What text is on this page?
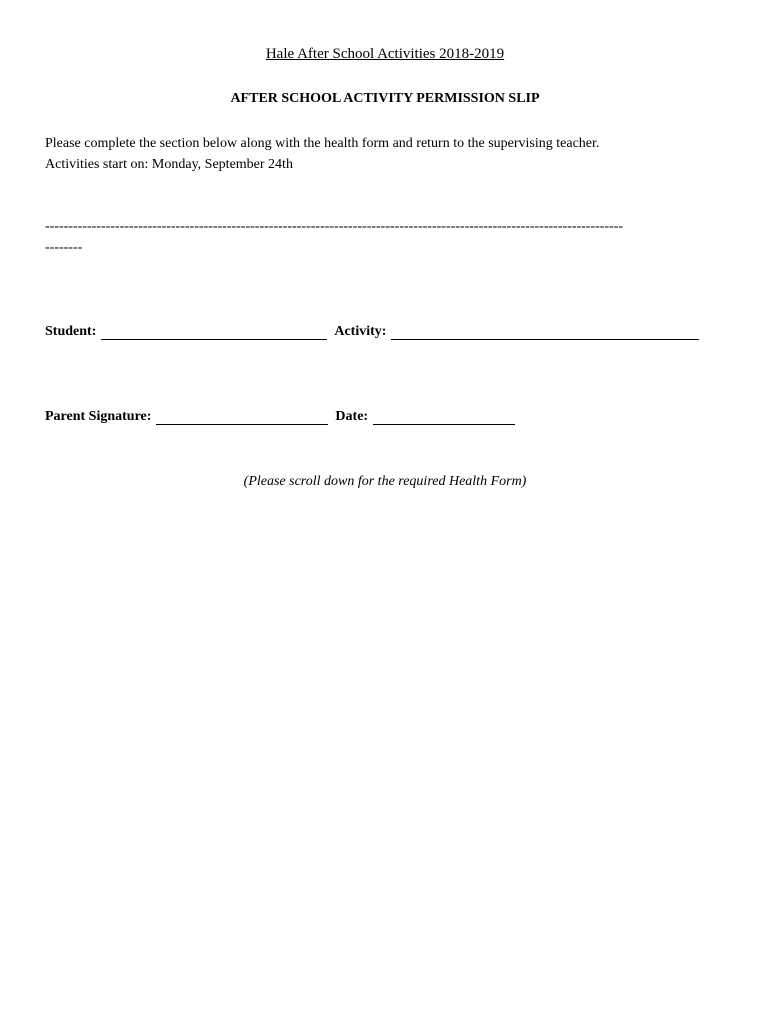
Hale After School Activities 2018-2019
AFTER SCHOOL ACTIVITY PERMISSION SLIP
Please complete the section below along with the health form and return to the supervising teacher.
Activities start on: Monday, September 24th
----------------------------------------------------------------------------------------------------------------------------
--------
Student:	Activity:
Parent Signature:	Date:
(Please scroll down for the required Health Form)
